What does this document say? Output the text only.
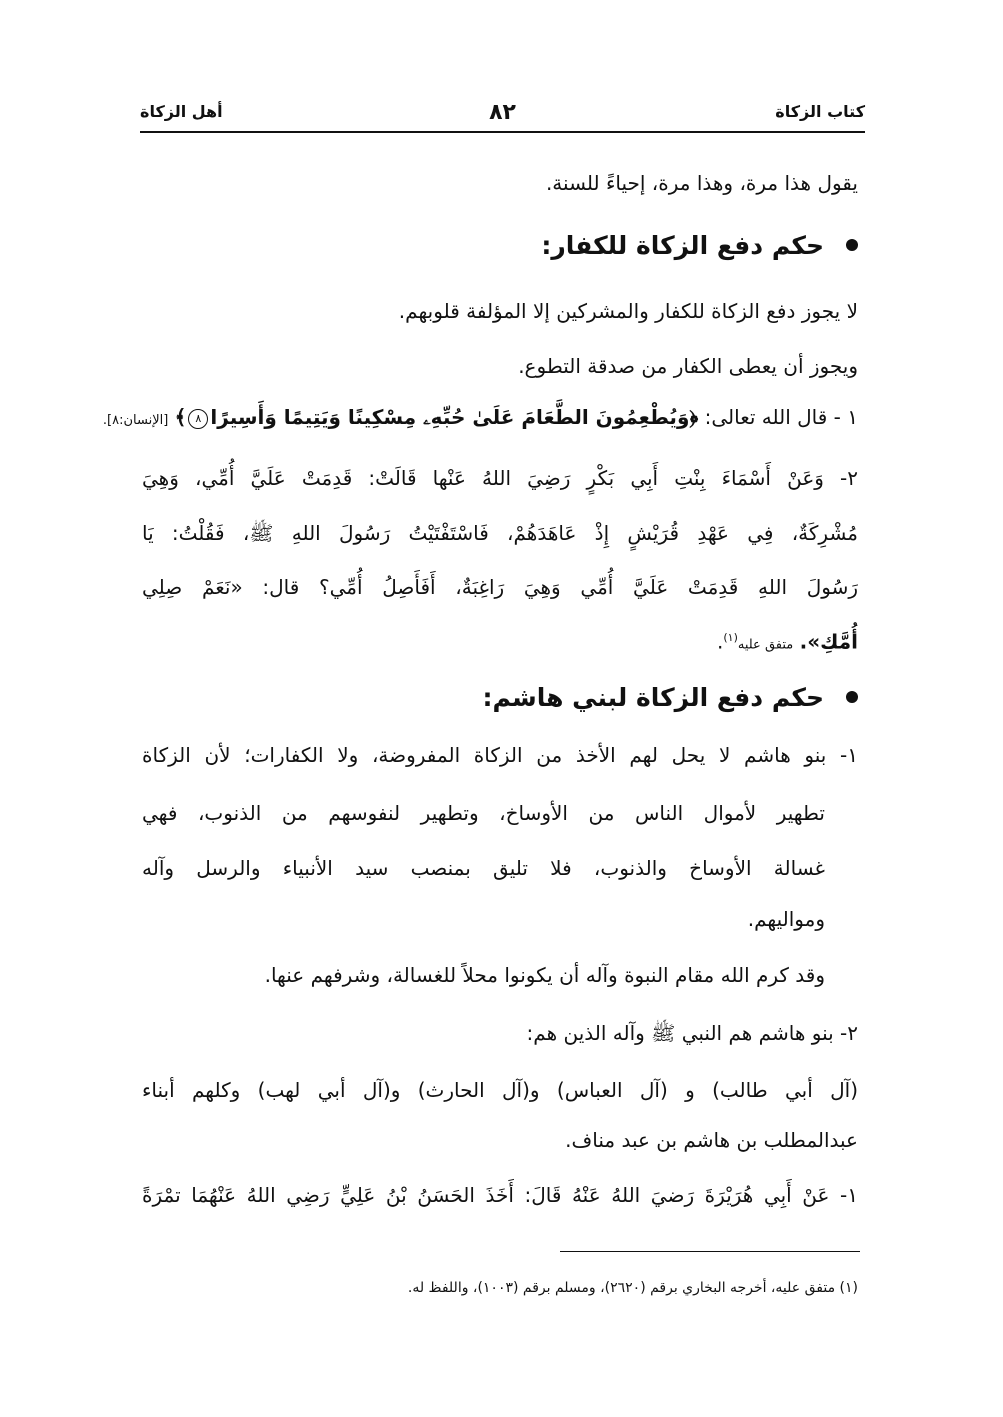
كتاب الزكاة
٨٢
أهل الزكاة
يقول هذا مرة، وهذا مرة، إحياءً للسنة.
حكم دفع الزكاة للكفار:
لا يجوز دفع الزكاة للكفار والمشركين إلا المؤلفة قلوبهم.
ويجوز أن يعطى الكفار من صدقة التطوع.
١ - قال الله تعالى: ﴿وَيُطْعِمُونَ الطَّعَامَ عَلَىٰ حُبِّهِۦ مِسْكِينًا وَيَتِيمًا وَأَسِيرًا٨﴾ [الإنسان:٨].
٢- وَعَنْ أَسْمَاءَ بِنْتِ أَبِي بَكْرٍ رَضِيَ اللهُ عَنْها قَالَتْ: قَدِمَتْ عَلَيَّ أُمِّي، وَهِيَ
مُشْرِكَةٌ، فِي عَهْدِ قُرَيْشٍ إِذْ عَاهَدَهُمْ، فَاسْتَفْتَيْتُ رَسُولَ اللهِ ﷺ، فَقُلْتُ: يَا
رَسُولَ اللهِ قَدِمَتْ عَلَيَّ أُمِّي وَهِيَ رَاغِبَةٌ، أَفَأَصِلُ أُمِّي؟ قال: «نَعَمْ صِلِي
أُمَّكِ». متفق عليه$^{(١)}$.
حكم دفع الزكاة لبني هاشم:
١- بنو هاشم لا يحل لهم الأخذ من الزكاة المفروضة، ولا الكفارات؛ لأن الزكاة
تطهير لأموال الناس من الأوساخ، وتطهير لنفوسهم من الذنوب، فهي
غسالة الأوساخ والذنوب، فلا تليق بمنصب سيد الأنبياء والرسل وآله
ومواليهم.
وقد كرم الله مقام النبوة وآله أن يكونوا محلاً للغسالة، وشرفهم عنها.
٢- بنو هاشم هم النبي ﷺ وآله الذين هم:
(آل أبي طالب) و (آل العباس) و(آل الحارث) و(آل أبي لهب) وكلهم أبناء
عبدالمطلب بن هاشم بن عبد مناف.
١- عَنْ أَبِي هُرَيْرَةَ رَضيَ اللهُ عَنْهُ قَالَ: أَخَذَ الحَسَنُ بْنُ عَلِيٍّ رَضِي اللهُ عَنْهُمَا تمْرَةً
(١) متفق عليه، أخرجه البخاري برقم (٢٦٢٠)، ومسلم برقم (١٠٠٣)، واللفظ له.
